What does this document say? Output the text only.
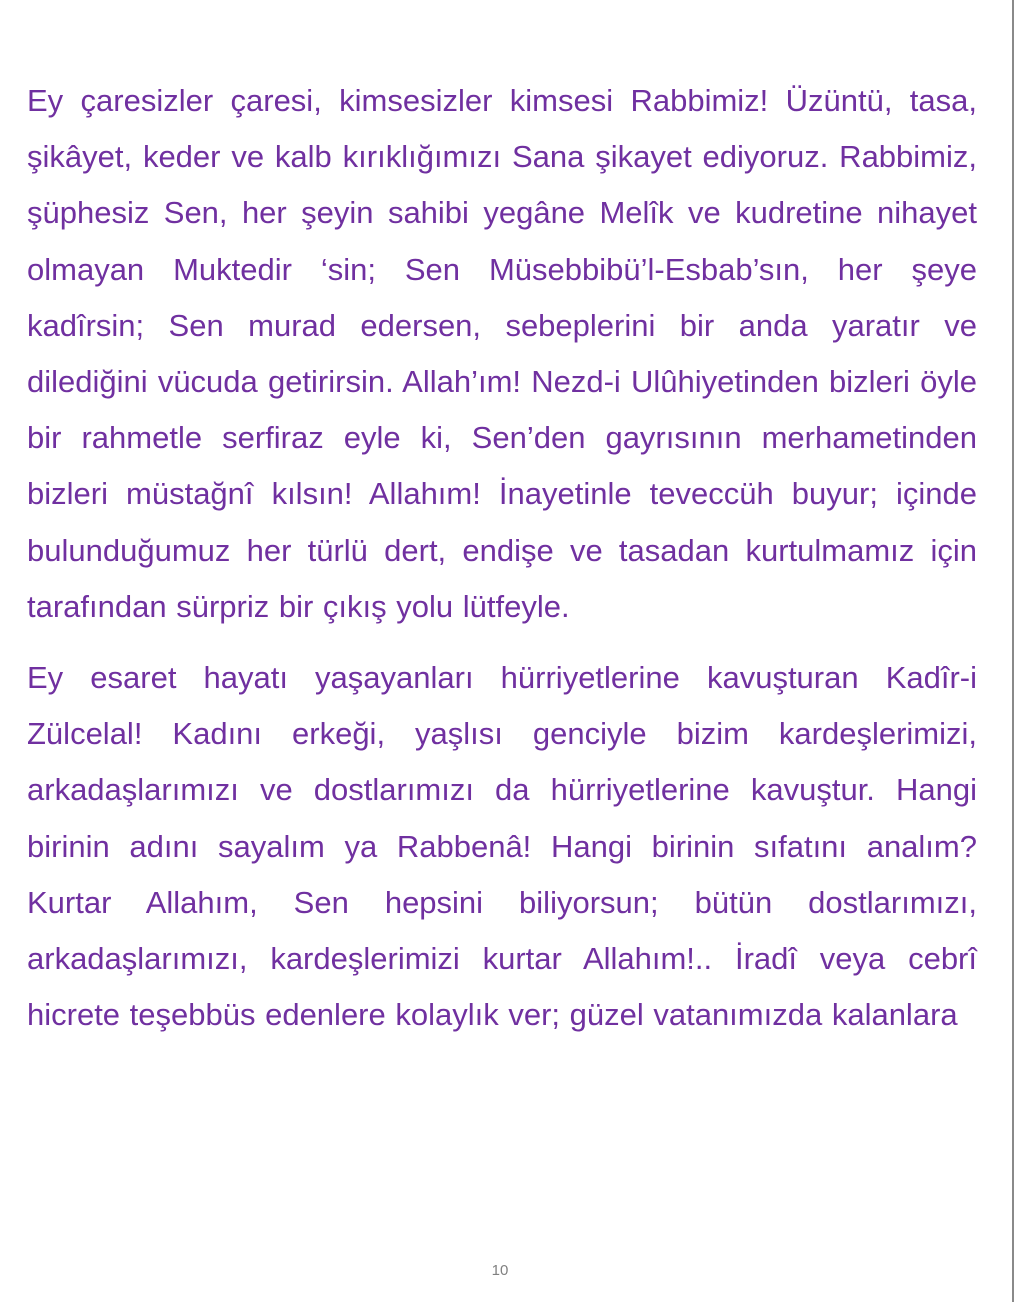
Ey çaresizler çaresi, kimsesizler kimsesi Rabbimiz! Üzüntü, tasa, şikâyet, keder ve kalb kırıklığımızı Sana şikayet ediyoruz. Rabbimiz, şüphesiz Sen, her şeyin sahibi yegâne Melîk ve kudretine nihayet olmayan Muktedir ‘sin; Sen Müsebbibü’l-Esbab’sın, her şeye kadîrsin; Sen murad edersen, sebeplerini bir anda yaratır ve dilediğini vücuda getirirsin. Allah’ım! Nezd-i Ulûhiyetinden bizleri öyle bir rahmetle serfiraz eyle ki, Sen’den gayrısının merhametinden bizleri müstağnî kılsın! Allahım! İnayetinle teveccüh buyur; içinde bulunduğumuz her türlü dert, endişe ve tasadan kurtulmamız için tarafından sürpriz bir çıkış yolu lütfeyle.

Ey esaret hayatı yaşayanları hürriyetlerine kavuşturan Kadîr-i Zülcelal! Kadını erkeği, yaşlısı genciyle bizim kardeşlerimizi, arkadaşlarımızı ve dostlarımızı da hürriyetlerine kavuştur. Hangi birinin adını sayalım ya Rabbenâ! Hangi birinin sıfatını analım? Kurtar Allahım, Sen hepsini biliyorsun; bütün dostlarımızı, arkadaşlarımızı, kardeşlerimizi kurtar Allahım!.. İradî veya cebrî hicrete teşebbüs edenlere kolaylık ver; güzel vatanımızda kalanlara

10
